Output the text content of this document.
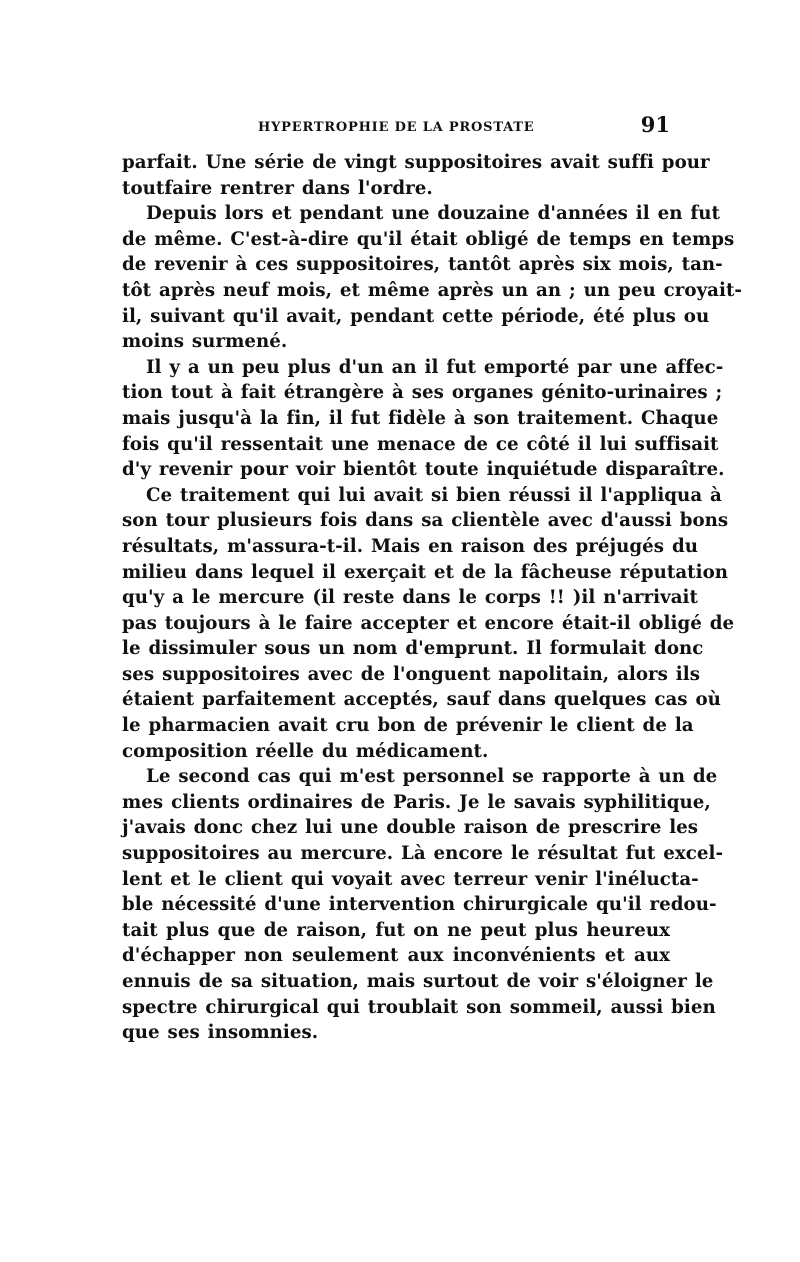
HYPERTROPHIE DE LA PROSTATE	91

parfait. Une série de vingt suppositoires avait suffi pour
toutfaire rentrer dans l'ordre.

Depuis lors et pendant une douzaine d'années il en fut
de même. C'est-à-dire qu'il était obligé de temps en temps
de revenir à ces suppositoires, tantôt après six mois, tan-
tôt après neuf mois, et même après un an ; un peu croyait-
il, suivant qu'il avait, pendant cette période, été plus ou
moins surmené.

Il y a un peu plus d'un an il fut emporté par une affec-
tion tout à fait étrangère à ses organes génito-urinaires ;
mais jusqu'à la fin, il fut fidèle à son traitement. Chaque
fois qu'il ressentait une menace de ce côté il lui suffisait
d'y revenir pour voir bientôt toute inquiétude disparaître.

Ce traitement qui lui avait si bien réussi il l'appliqua à
son tour plusieurs fois dans sa clientèle avec d'aussi bons
résultats, m'assura-t-il. Mais en raison des préjugés du
milieu dans lequel il exerçait et de la fâcheuse réputation
qu'y a le mercure (il reste dans le corps !! )il n'arrivait
pas toujours à le faire accepter et encore était-il obligé de
le dissimuler sous un nom d'emprunt. Il formulait donc
ses suppositoires avec de l'onguent napolitain, alors ils
étaient parfaitement acceptés, sauf dans quelques cas où
le pharmacien avait cru bon de prévenir le client de la
composition réelle du médicament.

Le second cas qui m'est personnel se rapporte à un de
mes clients ordinaires de Paris. Je le savais syphilitique,
j'avais donc chez lui une double raison de prescrire les
suppositoires au mercure. Là encore le résultat fut excel-
lent et le client qui voyait avec terreur venir l'inéluctа-
ble nécessité d'une intervention chirurgicale qu'il redou-
tait plus que de raison, fut on ne peut plus heureux
d'échapper non seulement aux inconvénients et aux
ennuis de sa situation, mais surtout de voir s'éloigner le
spectre chirurgical qui troublait son sommeil, aussi bien
que ses insomnies.
